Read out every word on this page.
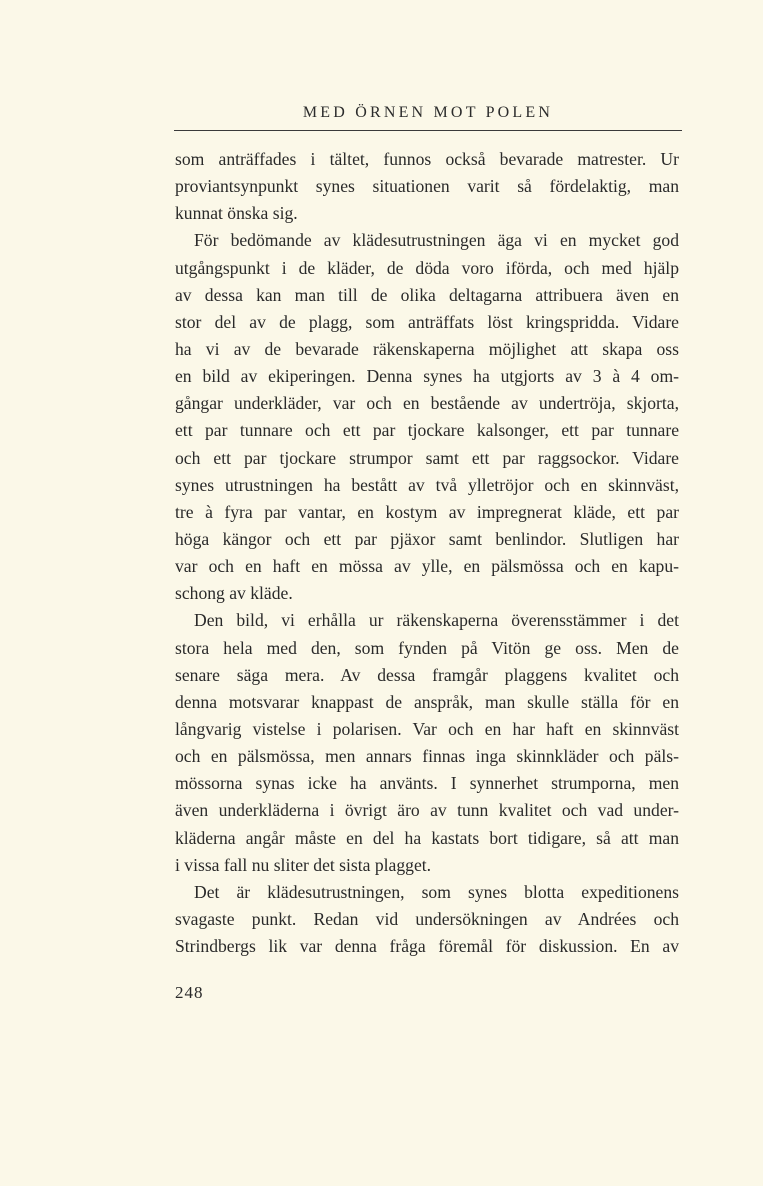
MED ÖRNEN MOT POLEN
som anträffades i tältet, funnos också bevarade matrester. Ur
proviantsynpunkt synes situationen varit så fördelaktig, man
kunnat önska sig.
För bedömande av klädesutrustningen äga vi en mycket god
utgångspunkt i de kläder, de döda voro iförda, och med hjälp
av dessa kan man till de olika deltagarna attribuera även en
stor del av de plagg, som anträffats löst kringspridda. Vidare
ha vi av de bevarade räkenskaperna möjlighet att skapa oss
en bild av ekiperingen. Denna synes ha utgjorts av 3 à 4 om-
gångar underkläder, var och en bestående av undertröja, skjorta,
ett par tunnare och ett par tjockare kalsonger, ett par tunnare
och ett par tjockare strumpor samt ett par raggsockor. Vidare
synes utrustningen ha bestått av två ylletröjor och en skinnväst,
tre à fyra par vantar, en kostym av impregnerat kläde, ett par
höga kängor och ett par pjäxor samt benlindor. Slutligen har
var och en haft en mössa av ylle, en pälsmössa och en kapu-
schong av kläde.
Den bild, vi erhålla ur räkenskaperna överensstämmer i det
stora hela med den, som fynden på Vitön ge oss. Men de
senare säga mera. Av dessa framgår plaggens kvalitet och
denna motsvarar knappast de anspråk, man skulle ställa för en
långvarig vistelse i polarisen. Var och en har haft en skinnväst
och en pälsmössa, men annars finnas inga skinnkläder och päls-
mössorna synas icke ha använts. I synnerhet strumporna, men
även underkläderna i övrigt äro av tunn kvalitet och vad under-
kläderna angår måste en del ha kastats bort tidigare, så att man
i vissa fall nu sliter det sista plagget.
Det är klädesutrustningen, som synes blotta expeditionens
svagaste punkt. Redan vid undersökningen av Andrées och
Strindbergs lik var denna fråga föremål för diskussion. En av
248
